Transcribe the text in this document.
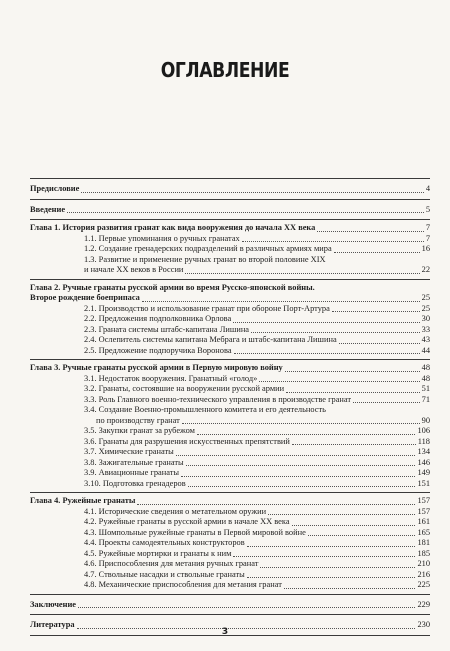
ОГЛАВЛЕНИЕ
Предисловие	4
Введение	5
Глава 1. История развития гранат как вида вооружения до начала XX века	7
1.1. Первые упоминания о ручных гранатах	7
1.2. Создание гренадерских подразделений в различных армиях мира	16
1.3. Развитие и применение ручных гранат во второй половине XIX
и начале XX веков в России	22
Глава 2. Ручные гранаты русской армии во время Русско-японской войны.
Второе рождение боеприпаса	25
2.1. Производство и использование гранат при обороне Порт-Артура	25
2.2. Предложения подполковника Орлова	30
2.3. Граната системы штабс-капитана Лишина	33
2.4. Ослепитель системы капитана Мебрага и штабс-капитана Лишина	43
2.5. Предложение подпоручика Воронова	44
Глава 3. Ручные гранаты русской армии в Первую мировую войну	48
3.1. Недостаток вооружения. Гранатный «голод»	48
3.2. Гранаты, состоявшие на вооружении русской армии	51
3.3. Роль Главного военно-технического управления в производстве гранат	71
3.4. Создание Военно-промышленного комитета и его деятельность
по производству гранат	90
3.5. Закупки гранат за рубежом	106
3.6. Гранаты для разрушения искусственных препятствий	118
3.7. Химические гранаты	134
3.8. Зажигательные гранаты	146
3.9. Авиационные гранаты	149
3.10. Подготовка гренадеров	151
Глава 4. Ружейные гранаты	157
4.1. Исторические сведения о метательном оружии	157
4.2. Ружейные гранаты в русской армии в начале XX века	161
4.3. Шомпольные ружейные гранаты в Первой мировой войне	165
4.4. Проекты самодеятельных конструкторов	181
4.5. Ружейные мортирки и гранаты к ним	185
4.6. Приспособления для метания ручных гранат	210
4.7. Ствольные насадки и ствольные гранаты	216
4.8. Механические приспособления для метания гранат	225
Заключение	229
Литература	230
3
